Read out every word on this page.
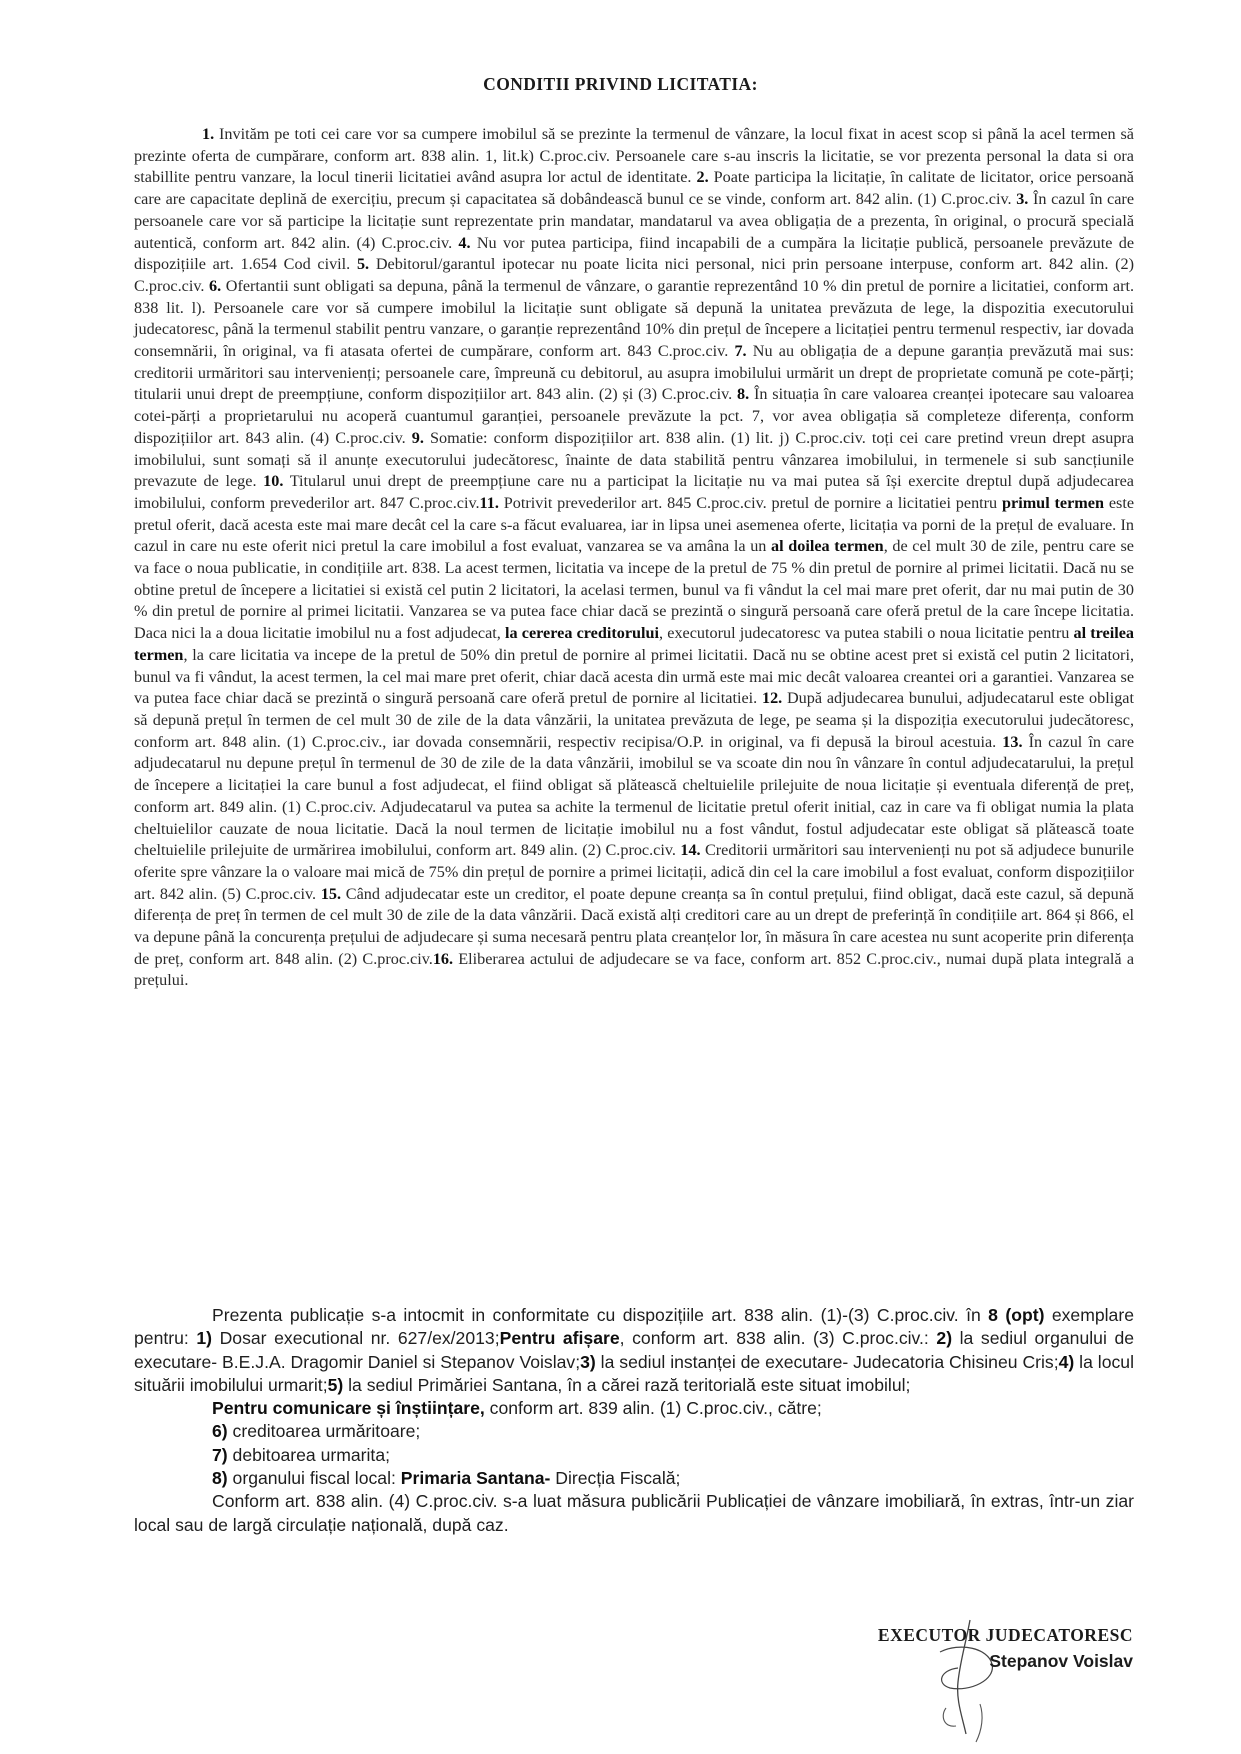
CONDITII PRIVIND LICITATIA:

1. Invităm pe toti cei care vor sa cumpere imobilul să se prezinte la termenul de vânzare, la locul fixat in acest scop si până la acel termen să prezinte oferta de cumpărare, conform art. 838 alin. 1, lit.k) C.proc.civ. Persoanele care s-au inscris la licitatie, se vor prezenta personal la data si ora stabillite pentru vanzare, la locul tinerii licitatiei având asupra lor actul de identitate. 2. Poate participa la licitație, în calitate de licitator, orice persoană care are capacitate deplină de exercițiu, precum și capacitatea să dobândească bunul ce se vinde, conform art. 842 alin. (1) C.proc.civ. 3. În cazul în care persoanele care vor să participe la licitație sunt reprezentate prin mandatar, mandatarul va avea obligația de a prezenta, în original, o procură specială autentică, conform art. 842 alin. (4) C.proc.civ. 4. Nu vor putea participa, fiind incapabili de a cumpăra la licitație publică, persoanele prevăzute de dispozițiile art. 1.654 Cod civil. 5. Debitorul/garantul ipotecar nu poate licita nici personal, nici prin persoane interpuse, conform art. 842 alin. (2) C.proc.civ. 6. Ofertantii sunt obligati sa depuna, până la termenul de vânzare, o garantie reprezentând 10 % din pretul de pornire a licitatiei, conform art. 838 lit. l). Persoanele care vor să cumpere imobilul la licitație sunt obligate să depună la unitatea prevăzuta de lege, la dispozitia executorului judecatoresc, până la termenul stabilit pentru vanzare, o garanție reprezentând 10% din prețul de începere a licitației pentru termenul respectiv, iar dovada consemnării, în original, va fi atasata ofertei de cumpărare, conform art. 843 C.proc.civ. 7. Nu au obligația de a depune garanția prevăzută mai sus: creditorii urmăritori sau intervenienți; persoanele care, împreună cu debitorul, au asupra imobilului urmărit un drept de proprietate comună pe cote-părți; titularii unui drept de preempțiune, conform dispozițiilor art. 843 alin. (2) și (3) C.proc.civ. 8. În situația în care valoarea creanței ipotecare sau valoarea cotei-părți a proprietarului nu acoperă cuantumul garanției, persoanele prevăzute la pct. 7, vor avea obligația să completeze diferența, conform dispozițiilor art. 843 alin. (4) C.proc.civ. 9. Somatie: conform dispozițiilor art. 838 alin. (1) lit. j) C.proc.civ. toți cei care pretind vreun drept asupra imobilului, sunt somați să il anunțe executorului judecătoresc, înainte de data stabilită pentru vânzarea imobilului, in termenele si sub sancțiunile prevazute de lege. 10. Titularul unui drept de preempțiune care nu a participat la licitație nu va mai putea să își exercite dreptul după adjudecarea imobilului, conform prevederilor art. 847 C.proc.civ.11. Potrivit prevederilor art. 845 C.proc.civ. pretul de pornire a licitatiei pentru primul termen este pretul oferit, dacă acesta este mai mare decât cel la care s-a făcut evaluarea, iar in lipsa unei asemenea oferte, licitația va porni de la prețul de evaluare. In cazul in care nu este oferit nici pretul la care imobilul a fost evaluat, vanzarea se va amâna la un al doilea termen, de cel mult 30 de zile, pentru care se va face o noua publicatie, in condițiile art. 838. La acest termen, licitatia va incepe de la pretul de 75 % din pretul de pornire al primei licitatii. Dacă nu se obtine pretul de începere a licitatiei si există cel putin 2 licitatori, la acelasi termen, bunul va fi vândut la cel mai mare pret oferit, dar nu mai putin de 30 % din pretul de pornire al primei licitatii. Vanzarea se va putea face chiar dacă se prezintă o singură persoană care oferă pretul de la care începe licitatia. Daca nici la a doua licitatie imobilul nu a fost adjudecat, la cererea creditorului, executorul judecatoresc va putea stabili o noua licitatie pentru al treilea termen, la care licitatia va incepe de la pretul de 50% din pretul de pornire al primei licitatii. Dacă nu se obtine acest pret si există cel putin 2 licitatori, bunul va fi vândut, la acest termen, la cel mai mare pret oferit, chiar dacă acesta din urmă este mai mic decât valoarea creantei ori a garantiei. Vanzarea se va putea face chiar dacă se prezintă o singură persoană care oferă pretul de pornire al licitatiei. 12. După adjudecarea bunului, adjudecatarul este obligat să depună prețul în termen de cel mult 30 de zile de la data vânzării, la unitatea prevăzuta de lege, pe seama și la dispoziția executorului judecătoresc, conform art. 848 alin. (1) C.proc.civ., iar dovada consemnării, respectiv recipisa/O.P. in original, va fi depusă la biroul acestuia. 13. În cazul în care adjudecatarul nu depune prețul în termenul de 30 de zile de la data vânzării, imobilul se va scoate din nou în vânzare în contul adjudecatarului, la prețul de începere a licitației la care bunul a fost adjudecat, el fiind obligat să plătească cheltuielile prilejuite de noua licitație și eventuala diferență de preț, conform art. 849 alin. (1) C.proc.civ. Adjudecatarul va putea sa achite la termenul de licitatie pretul oferit initial, caz in care va fi obligat numia la plata cheltuielilor cauzate de noua licitatie. Dacă la noul termen de licitație imobilul nu a fost vândut, fostul adjudecatar este obligat să plătească toate cheltuielile prilejuite de urmărirea imobilului, conform art. 849 alin. (2) C.proc.civ. 14. Creditorii urmăritori sau intervenienți nu pot să adjudece bunurile oferite spre vânzare la o valoare mai mică de 75% din prețul de pornire a primei licitații, adică din cel la care imobilul a fost evaluat, conform dispozițiilor art. 842 alin. (5) C.proc.civ. 15. Când adjudecatar este un creditor, el poate depune creanța sa în contul prețului, fiind obligat, dacă este cazul, să depună diferența de preț în termen de cel mult 30 de zile de la data vânzării. Dacă există alți creditori care au un drept de preferință în condițiile art. 864 și 866, el va depune până la concurența prețului de adjudecare și suma necesară pentru plata creanțelor lor, în măsura în care acestea nu sunt acoperite prin diferența de preț, conform art. 848 alin. (2) C.proc.civ.16. Eliberarea actului de adjudecare se va face, conform art. 852 C.proc.civ., numai după plata integrală a prețului.

Prezenta publicație s-a intocmit in conformitate cu dispozițiile art. 838 alin. (1)-(3) C.proc.civ. în 8 (opt) exemplare pentru: 1) Dosar executional nr. 627/ex/2013;Pentru afișare, conform art. 838 alin. (3) C.proc.civ.: 2) la sediul organului de executare- B.E.J.A. Dragomir Daniel si Stepanov Voislav;3) la sediul instanței de executare- Judecatoria Chisineu Cris;4) la locul situării imobilului urmarit;5) la sediul Primăriei Santana, în a cărei rază teritorială este situat imobilul;

Pentru comunicare și înștiințare, conform art. 839 alin. (1) C.proc.civ., către;

6) creditoarea urmăritoare;

7) debitoarea urmarita;

8) organului fiscal local: Primaria Santana- Direcția Fiscală;

Conform art. 838 alin. (4) C.proc.civ. s-a luat măsura publicării Publicației de vânzare imobiliară, în extras, într-un ziar local sau de largă circulație națională, după caz.

EXECUTOR JUDECATORESC
Stepanov Voislav
